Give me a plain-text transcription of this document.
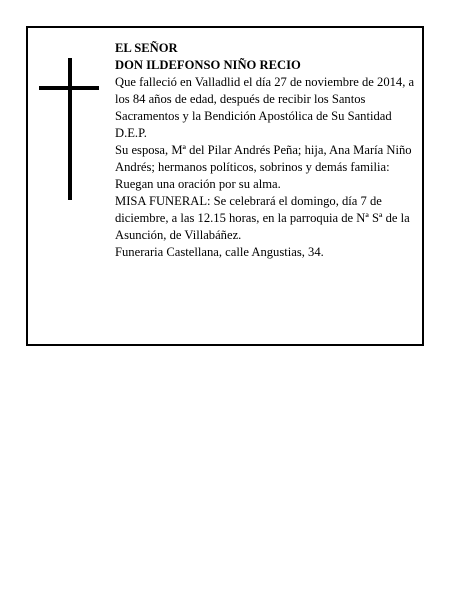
EL SEÑOR

DON ILDEFONSO NIÑO RECIO

Que falleció en Valladlid el día 27 de noviembre de 2014, a los 84 años de edad, después de recibir los Santos Sacramentos y la Bendición Apostólica de Su Santidad

D.E.P.

Su esposa, Mª del Pilar Andrés Peña; hija, Ana María Niño Andrés; hermanos políticos, sobrinos y demás familia:

Ruegan una oración por su alma.

MISA FUNERAL: Se celebrará el domingo, día 7 de diciembre, a las 12.15 horas, en la parroquia de Nª Sª de la Asunción, de Villabáñez.

Funeraria Castellana, calle Angustias, 34.
